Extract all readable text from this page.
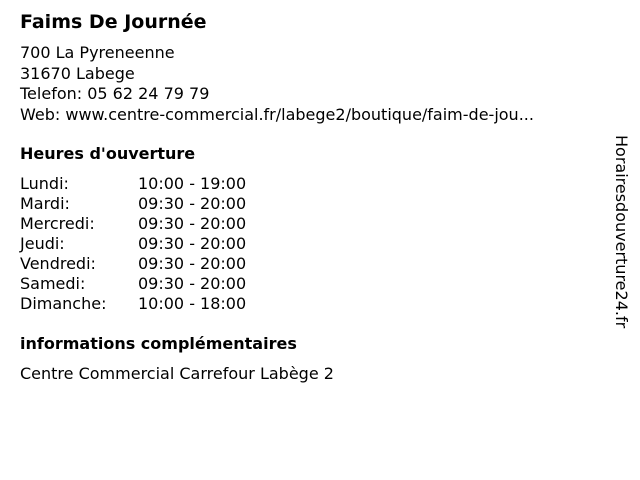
Faims De Journée
700 La Pyreneenne
31670 Labege
Telefon: 05 62 24 79 79
Web: www.centre-commercial.fr/labege2/boutique/faim-de-jou...
Heures d'ouverture
Lundi:	10:00 - 19:00
Mardi:	09:30 - 20:00
Mercredi:	09:30 - 20:00
Jeudi:	09:30 - 20:00
Vendredi:	09:30 - 20:00
Samedi:	09:30 - 20:00
Dimanche: 10:00 - 18:00
informations complémentaires
Centre Commercial Carrefour Labège 2
Horairesdouverture24.fr
